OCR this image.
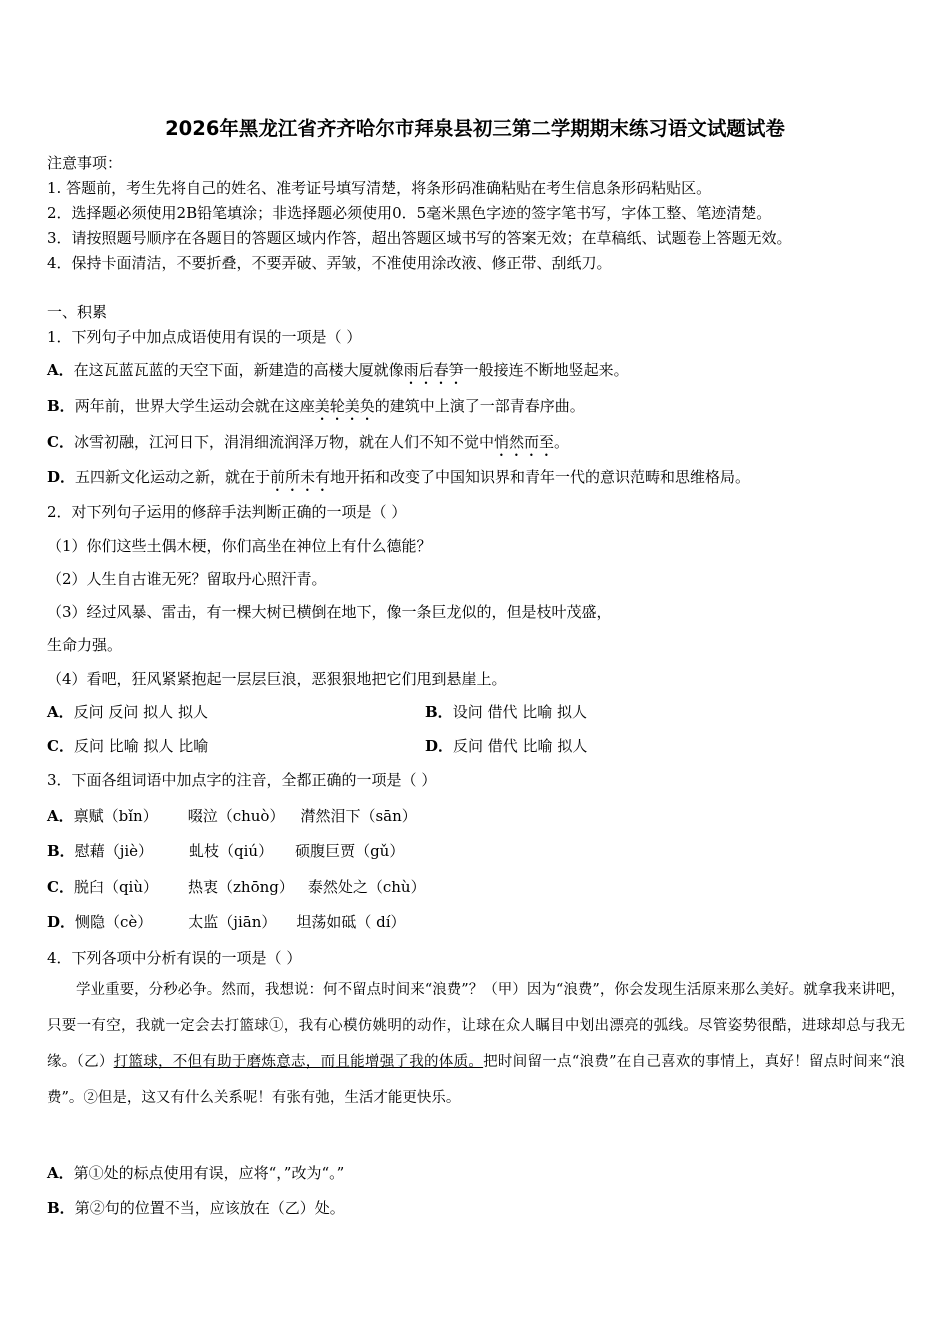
2026年黑龙江省齐齐哈尔市拜泉县初三第二学期期末练习语文试题试卷
注意事项：
1. 答题前，考生先将自己的姓名、准考证号填写清楚，将条形码准确粘贴在考生信息条形码粘贴区。
2．选择题必须使用2B铅笔填涂；非选择题必须使用0．5毫米黑色字迹的签字笔书写，字体工整、笔迹清楚。
3．请按照题号顺序在各题目的答题区域内作答，超出答题区域书写的答案无效；在草稿纸、试题卷上答题无效。
4．保持卡面清洁，不要折叠，不要弄破、弄皱，不准使用涂改液、修正带、刮纸刀。
一、积累
1．下列句子中加点成语使用有误的一项是（ ）
A．在这瓦蓝瓦蓝的天空下面，新建造的高楼大厦就像雨后春笋一般接连不断地竖起来。
B．两年前，世界大学生运动会就在这座美轮美奂的建筑中上演了一部青春序曲。
C．冰雪初融，江河日下，涓涓细流润泽万物，就在人们不知不觉中悄然而至。
D．五四新文化运动之新，就在于前所未有地开拓和改变了中国知识界和青年一代的意识范畴和思维格局。
2．对下列句子运用的修辞手法判断正确的一项是（ ）
（1）你们这些土偶木梗，你们高坐在神位上有什么德能？
（2）人生自古谁无死？留取丹心照汗青。
（3）经过风暴、雷击，有一棵大树已横倒在地下，像一条巨龙似的，但是枝叶茂盛，
生命力强。
（4）看吧，狂风紧紧抱起一层层巨浪，恶狠狠地把它们甩到悬崖上。
A．反问 反问 拟人 拟人	B．设问 借代 比喻 拟人
C．反问 比喻 拟人 比喻	D．反问 借代 比喻 拟人
3．下面各组词语中加点字的注音，全都正确的一项是（ ）
A．禀赋（bǐn） 啜泣（chuò） 潸然泪下（sān）
B．慰藉（jiè） 虬枝（qiú） 硕腹巨贾（gǔ）
C．脱臼（qiù） 热衷（zhōng） 泰然处之（chù）
D．恻隐（cè） 太监（jiān） 坦荡如砥（ dí）
4．下列各项中分析有误的一项是（ ）

学业重要，分秒必争。然而，我想说：何不留点时间来“浪费”？（甲）因为“浪费”，你会发现生活原来那么美好。就拿我来讲吧，只要一有空，我就一定会去打篮球①，我有心模仿姚明的动作，让球在众人瞩目中划出漂亮的弧线。尽管姿势很酷，进球却总与我无缘。（乙）打篮球，不但有助于磨炼意志，而且能增强了我的体质。把时间留一点“浪费”在自己喜欢的事情上，真好！留点时间来“浪费”。②但是，这又有什么关系呢！有张有弛，生活才能更快乐。

A．第①处的标点使用有误，应将“，”改为“。”
B．第②句的位置不当，应该放在（乙）处。
